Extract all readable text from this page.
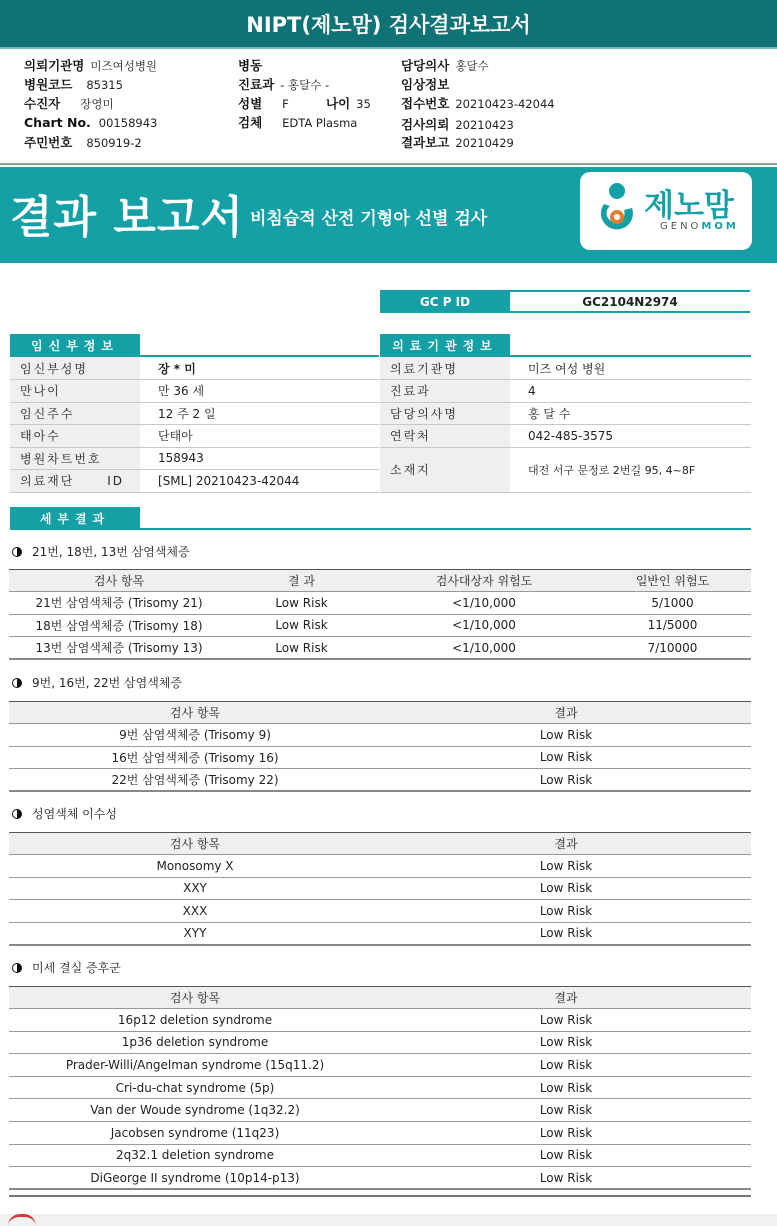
NIPT(제노맘) 검사결과보고서
의뢰기관명 미즈여성병원
병원코드 85315
수진자 장영미
Chart No. 00158943
주민번호 850919-2
병동
진료과 - 홍달수 -
성별 F	나이 35
검체 EDTA Plasma
담당의사 홍달수
임상정보
접수번호 20210423-42044
검사의뢰 20210423
결과보고 20210429
결과 보고서 비침습적 산전 기형아 선별 검사	제노맘
GENOMOM
GC P ID	GC2104N2974
임신부정보
임신부성명	장 * 미
만나이	만 36 세
임신주수	12 주 2 일
태아수	단태아
병원차트번호	158943
의료재단 ID	[SML] 20210423-42044
의료기관정보
의료기관명	미즈 여성 병원
진료과	4
담당의사명	홍 달 수
연락처	042-485-3575
소재지	대전 서구 문정로 2번길 95, 4~8F
세부결과
21번, 18번, 13번 삼염색체증
검사 항목	결 과	검사대상자 위험도	일반인 위험도
21번 삼염색체증 (Trisomy 21)	Low Risk	<1/10,000	5/1000
18번 삼염색체증 (Trisomy 18)	Low Risk	<1/10,000	11/5000
13번 삼염색체증 (Trisomy 13)	Low Risk	<1/10,000	7/10000
9번, 16번, 22번 삼염색체증
검사 항목	결과
9번 삼염색체증 (Trisomy 9)	Low Risk
16번 삼염색체증 (Trisomy 16)	Low Risk
22번 삼염색체증 (Trisomy 22)	Low Risk
성염색체 이수성
검사 항목	결과
Monosomy X	Low Risk
XXY	Low Risk
XXX	Low Risk
XYY	Low Risk
미세 결실 증후군
검사 항목	결과
16p12 deletion syndrome	Low Risk
1p36 deletion syndrome	Low Risk
Prader-Willi/Angelman syndrome (15q11.2)	Low Risk
Cri-du-chat syndrome (5p)	Low Risk
Van der Woude syndrome (1q32.2)	Low Risk
Jacobsen syndrome (11q23)	Low Risk
2q32.1 deletion syndrome	Low Risk
DiGeorge II syndrome (10p14-p13)	Low Risk
